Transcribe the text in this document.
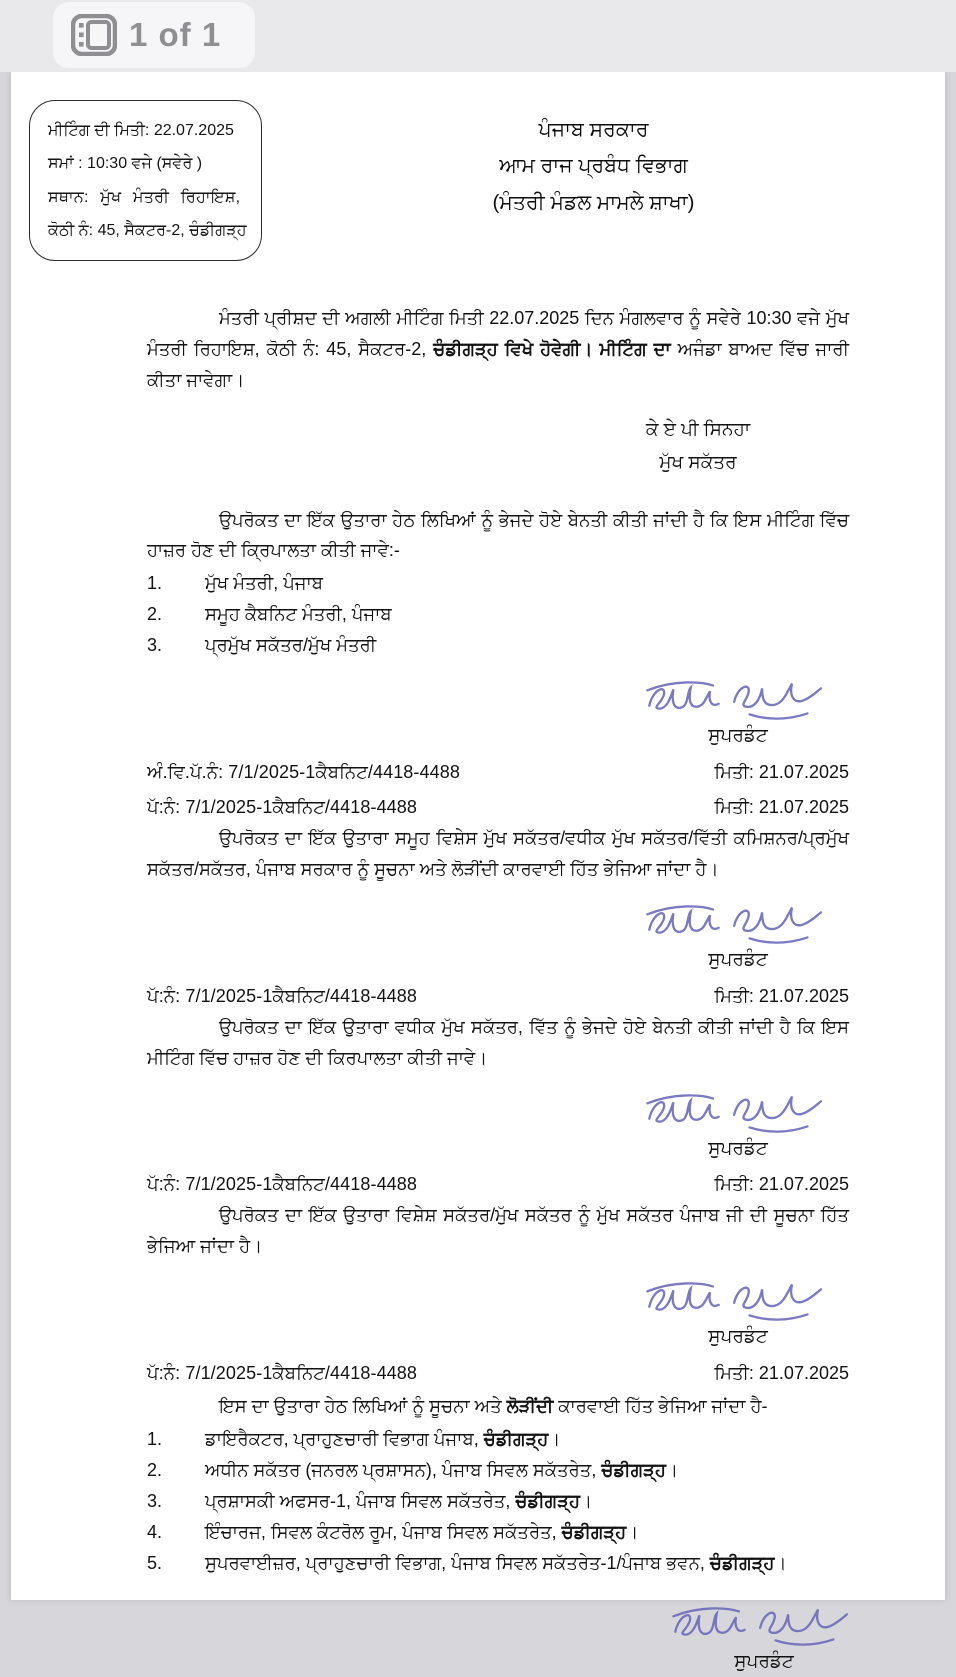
1 of 1
ਮੀਟਿੰਗ ਦੀ ਮਿਤੀ: 22.07.2025
ਸਮਾਂ : 10:30 ਵਜੇ (ਸਵੇਰੇ )
ਸਥਾਨ: ਮੁੱਖ ਮੰਤਰੀ ਰਿਹਾਇਸ਼,
ਕੋਠੀ ਨੰ: 45, ਸੈਕਟਰ-2, ਚੰਡੀਗੜ੍ਹ
ਪੰਜਾਬ ਸਰਕਾਰ
ਆਮ ਰਾਜ ਪ੍ਰਬੰਧ ਵਿਭਾਗ
(ਮੰਤਰੀ ਮੰਡਲ ਮਾਮਲੇ ਸ਼ਾਖਾ)

ਮੰਤਰੀ ਪ੍ਰੀਸ਼ਦ ਦੀ ਅਗਲੀ ਮੀਟਿੰਗ ਮਿਤੀ 22.07.2025 ਦਿਨ ਮੰਗਲਵਾਰ ਨੂੰ ਸਵੇਰੇ 10:30 ਵਜੇ ਮੁੱਖ ਮੰਤਰੀ ਰਿਹਾਇਸ਼, ਕੋਠੀ ਨੰ: 45, ਸੈਕਟਰ-2, ਚੰਡੀਗੜ੍ਹ ਵਿਖੇ ਹੋਵੇਗੀ। ਮੀਟਿੰਗ ਦਾ ਅਜੰਡਾ ਬਾਅਦ ਵਿੱਚ ਜਾਰੀ ਕੀਤਾ ਜਾਵੇਗਾ।

ਕੇ ਏ ਪੀ ਸਿਨਹਾ
ਮੁੱਖ ਸਕੱਤਰ

ਉਪਰੋਕਤ ਦਾ ਇੱਕ ਉਤਾਰਾ ਹੇਠ ਲਿਖਿਆਂ ਨੂੰ ਭੇਜਦੇ ਹੋਏ ਬੇਨਤੀ ਕੀਤੀ ਜਾਂਦੀ ਹੈ ਕਿ ਇਸ ਮੀਟਿੰਗ ਵਿੱਚ ਹਾਜ਼ਰ ਹੋਣ ਦੀ ਕ੍ਰਿਪਾਲਤਾ ਕੀਤੀ ਜਾਵੇ:-

1.	ਮੁੱਖ ਮੰਤਰੀ, ਪੰਜਾਬ
2.	ਸਮੂਹ ਕੈਬਨਿਟ ਮੰਤਰੀ, ਪੰਜਾਬ
3.	ਪ੍ਰਮੁੱਖ ਸਕੱਤਰ/ਮੁੱਖ ਮੰਤਰੀ
ਸੁਪਰਡੰਟ
ਅੰ.ਵਿ.ਪੱ.ਨੰ: 7/1/2025-1ਕੈਬਨਿਟ/4418-4488	ਮਿਤੀ: 21.07.2025
ਪੱ:ਨੰ: 7/1/2025-1ਕੈਬਨਿਟ/4418-4488	ਮਿਤੀ: 21.07.2025

ਉਪਰੋਕਤ ਦਾ ਇੱਕ ਉਤਾਰਾ ਸਮੂਹ ਵਿਸ਼ੇਸ ਮੁੱਖ ਸਕੱਤਰ/ਵਧੀਕ ਮੁੱਖ ਸਕੱਤਰ/ਵਿੱਤੀ ਕਮਿਸ਼ਨਰ/ਪ੍ਰਮੁੱਖ ਸਕੱਤਰ/ਸਕੱਤਰ, ਪੰਜਾਬ ਸਰਕਾਰ ਨੂੰ ਸੂਚਨਾ ਅਤੇ ਲੋੜੀਂਦੀ ਕਾਰਵਾਈ ਹਿੱਤ ਭੇਜਿਆ ਜਾਂਦਾ ਹੈ।

ਸੁਪਰਡੰਟ
ਪੱ:ਨੰ: 7/1/2025-1ਕੈਬਨਿਟ/4418-4488	ਮਿਤੀ: 21.07.2025

ਉਪਰੋਕਤ ਦਾ ਇੱਕ ਉਤਾਰਾ ਵਧੀਕ ਮੁੱਖ ਸਕੱਤਰ, ਵਿੱਤ ਨੂੰ ਭੇਜਦੇ ਹੋਏ ਬੇਨਤੀ ਕੀਤੀ ਜਾਂਦੀ ਹੈ ਕਿ ਇਸ ਮੀਟਿੰਗ ਵਿੱਚ ਹਾਜ਼ਰ ਹੋਣ ਦੀ ਕਿਰਪਾਲਤਾ ਕੀਤੀ ਜਾਵੇ।

ਸੁਪਰਡੰਟ
ਪੱ:ਨੰ: 7/1/2025-1ਕੈਬਨਿਟ/4418-4488	ਮਿਤੀ: 21.07.2025

ਉਪਰੋਕਤ ਦਾ ਇੱਕ ਉਤਾਰਾ ਵਿਸ਼ੇਸ਼ ਸਕੱਤਰ/ਮੁੱਖ ਸਕੱਤਰ ਨੂੰ ਮੁੱਖ ਸਕੱਤਰ ਪੰਜਾਬ ਜੀ ਦੀ ਸੂਚਨਾ ਹਿੱਤ ਭੇਜਿਆ ਜਾਂਦਾ ਹੈ।

ਸੁਪਰਡੰਟ
ਪੱ:ਨੰ: 7/1/2025-1ਕੈਬਨਿਟ/4418-4488	ਮਿਤੀ: 21.07.2025

ਇਸ ਦਾ ਉਤਾਰਾ ਹੇਠ ਲਿਖਿਆਂ ਨੂੰ ਸੂਚਨਾ ਅਤੇ ਲੋੜੀਂਦੀ ਕਾਰਵਾਈ ਹਿੱਤ ਭੇਜਿਆ ਜਾਂਦਾ ਹੈ-

1.	ਡਾਇਰੈਕਟਰ, ਪ੍ਰਾਹੁਣਚਾਰੀ ਵਿਭਾਗ ਪੰਜਾਬ, ਚੰਡੀਗੜ੍ਹ।
2.	ਅਧੀਨ ਸਕੱਤਰ (ਜਨਰਲ ਪ੍ਰਸ਼ਾਸਨ), ਪੰਜਾਬ ਸਿਵਲ ਸਕੱਤਰੇਤ, ਚੰਡੀਗੜ੍ਹ।
3.	ਪ੍ਰਸ਼ਾਸਕੀ ਅਫਸਰ-1, ਪੰਜਾਬ ਸਿਵਲ ਸਕੱਤਰੇਤ, ਚੰਡੀਗੜ੍ਹ।
4.	ਇੰਚਾਰਜ, ਸਿਵਲ ਕੰਟਰੋਲ ਰੂਮ, ਪੰਜਾਬ ਸਿਵਲ ਸਕੱਤਰੇਤ, ਚੰਡੀਗੜ੍ਹ।
5.	ਸੁਪਰਵਾਈਜ਼ਰ, ਪ੍ਰਾਹੁਣਚਾਰੀ ਵਿਭਾਗ, ਪੰਜਾਬ ਸਿਵਲ ਸਕੱਤਰੇਤ-1/ਪੰਜਾਬ ਭਵਨ, ਚੰਡੀਗੜ੍ਹ।
ਸੁਪਰਡੰਟ
